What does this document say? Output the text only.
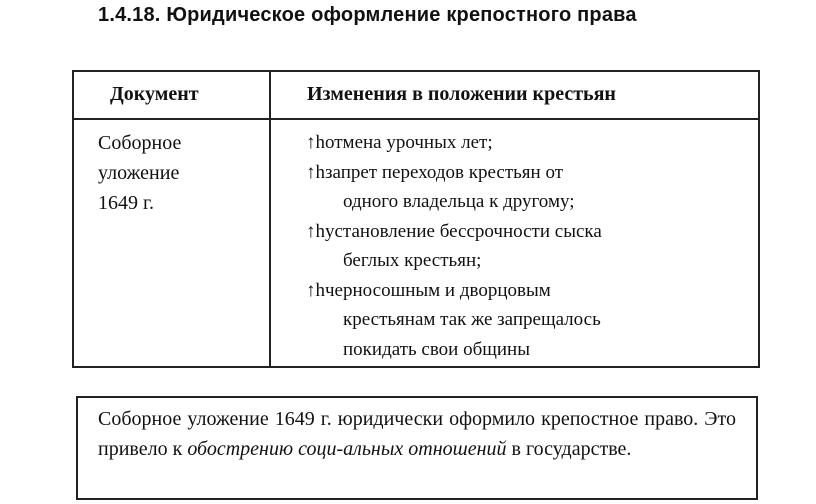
1.4.18. Юридическое оформление крепостного права
Документ	Изменения в положении крестьян
Соборное
уложение
1649 г.
↑h отмена урочных лет;
↑h запрет переходов крестьян от
одного владельца к другому;
↑h установление бессрочности сыска
беглых крестьян;
↑h черносошным и дворцовым
крестьянам так же запрещалось
покидать свои общины
Соборное уложение 1649 г. юридически оформило крепостное право. Это привело к обострению соци-альных отношений в государстве.
